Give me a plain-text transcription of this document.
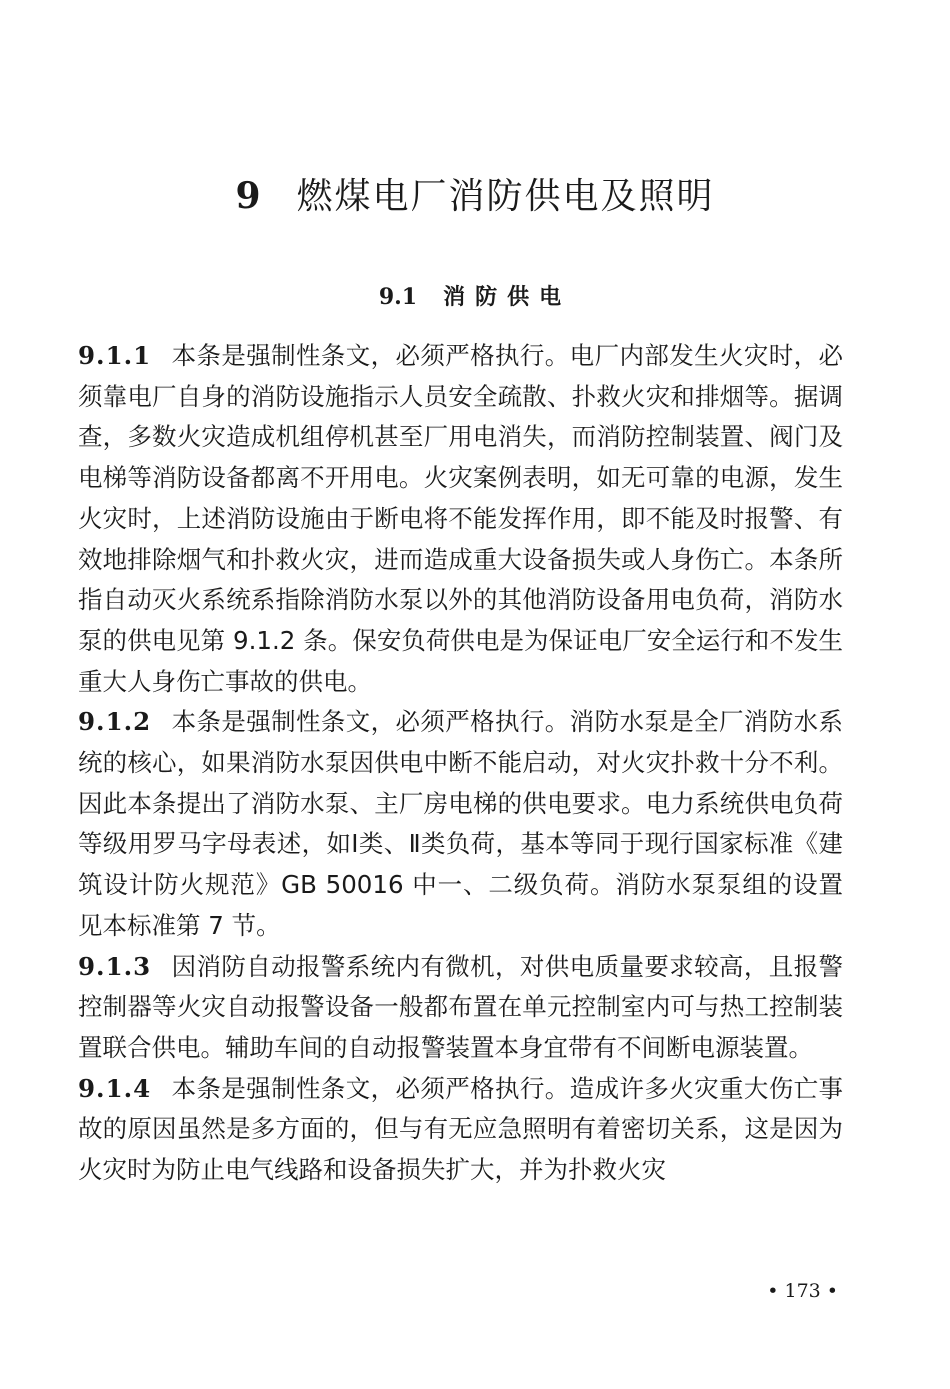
9 燃煤电厂消防供电及照明
9.1 消防供电

9.1.1 本条是强制性条文，必须严格执行。电厂内部发生火灾时，必须靠电厂自身的消防设施指示人员安全疏散、扑救火灾和排烟等。据调查，多数火灾造成机组停机甚至厂用电消失，而消防控制装置、阀门及电梯等消防设备都离不开用电。火灾案例表明，如无可靠的电源，发生火灾时，上述消防设施由于断电将不能发挥作用，即不能及时报警、有效地排除烟气和扑救火灾，进而造成重大设备损失或人身伤亡。本条所指自动灭火系统系指除消防水泵以外的其他消防设备用电负荷，消防水泵的供电见第 9.1.2 条。保安负荷供电是为保证电厂安全运行和不发生重大人身伤亡事故的供电。

9.1.2 本条是强制性条文，必须严格执行。消防水泵是全厂消防水系统的核心，如果消防水泵因供电中断不能启动，对火灾扑救十分不利。因此本条提出了消防水泵、主厂房电梯的供电要求。电力系统供电负荷等级用罗马字母表述，如Ⅰ类、Ⅱ类负荷，基本等同于现行国家标准《建筑设计防火规范》GB 50016 中一、二级负荷。消防水泵泵组的设置见本标准第 7 节。

9.1.3 因消防自动报警系统内有微机，对供电质量要求较高，且报警控制器等火灾自动报警设备一般都布置在单元控制室内可与热工控制装置联合供电。辅助车间的自动报警装置本身宜带有不间断电源装置。

9.1.4 本条是强制性条文，必须严格执行。造成许多火灾重大伤亡事故的原因虽然是多方面的，但与有无应急照明有着密切关系，这是因为火灾时为防止电气线路和设备损失扩大，并为扑救火灾

• 173 •
